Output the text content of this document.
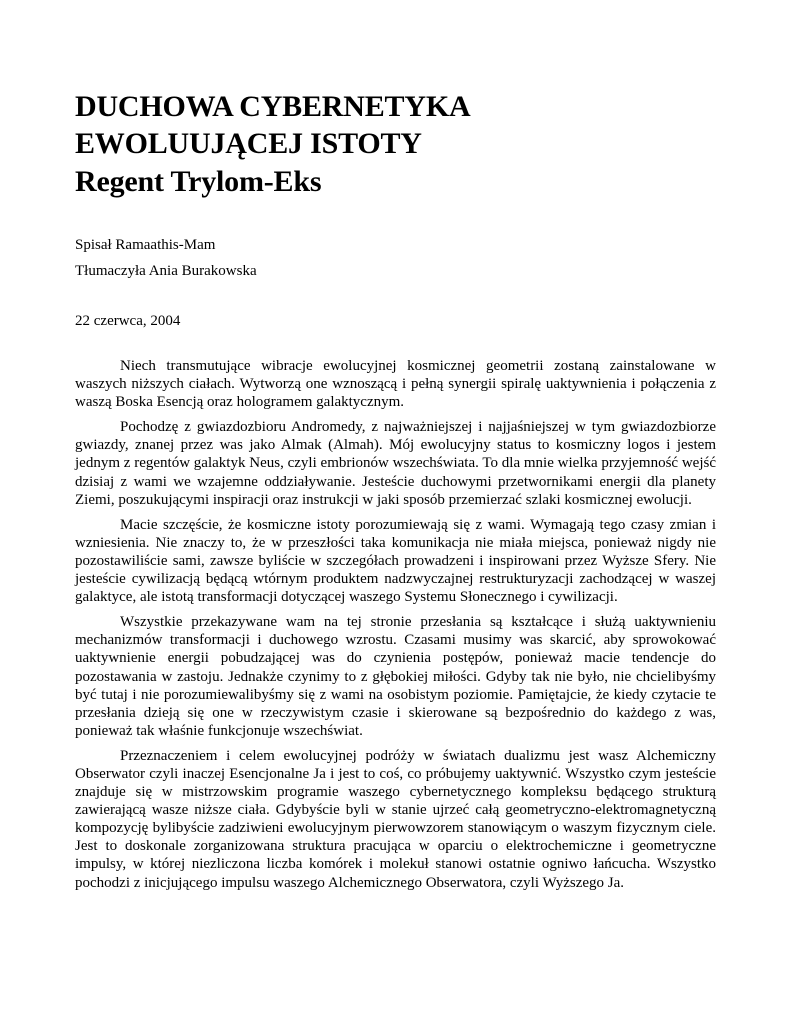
DUCHOWA CYBERNETYKA
EWOLUUJĄCEJ ISTOTY
Regent Trylom-Eks

Spisał Ramaathis-Mam

Tłumaczyła Ania Burakowska

22 czerwca, 2004

Niech transmutujące wibracje ewolucyjnej kosmicznej geometrii zostaną zainstalowane w waszych niższych ciałach. Wytworzą one wznoszącą i pełną synergii spiralę uaktywnienia i połączenia z waszą Boska Esencją oraz hologramem galaktycznym.

Pochodzę z gwiazdozbioru Andromedy, z najważniejszej i najjaśniejszej w tym gwiazdozbiorze gwiazdy, znanej przez was jako Almak (Almah). Mój ewolucyjny status to kosmiczny logos i jestem jednym z regentów galaktyk Neus, czyli embrionów wszechświata. To dla mnie wielka przyjemność wejść dzisiaj z wami we wzajemne oddziaływanie. Jesteście duchowymi przetwornikami energii dla planety Ziemi, poszukującymi inspiracji oraz instrukcji w jaki sposób przemierzać szlaki kosmicznej ewolucji.

Macie szczęście, że kosmiczne istoty porozumiewają się z wami. Wymagają tego czasy zmian i wzniesienia. Nie znaczy to, że w przeszłości taka komunikacja nie miała miejsca, ponieważ nigdy nie pozostawiliście sami, zawsze byliście w szczegółach prowadzeni i inspirowani przez Wyższe Sfery. Nie jesteście cywilizacją będącą wtórnym produktem nadzwyczajnej restrukturyzacji zachodzącej w waszej galaktyce, ale istotą transformacji dotyczącej waszego Systemu Słonecznego i cywilizacji.

Wszystkie przekazywane wam na tej stronie przesłania są kształcące i służą uaktywnieniu mechanizmów transformacji i duchowego wzrostu. Czasami musimy was skarcić, aby sprowokować uaktywnienie energii pobudzającej was do czynienia postępów, ponieważ macie tendencje do pozostawania w zastoju. Jednakże czynimy to z głębokiej miłości. Gdyby tak nie było, nie chcielibyśmy być tutaj i nie porozumiewalibyśmy się z wami na osobistym poziomie. Pamiętajcie, że kiedy czytacie te przesłania dzieją się one w rzeczywistym czasie i skierowane są bezpośrednio do każdego z was, ponieważ tak właśnie funkcjonuje wszechświat.

Przeznaczeniem i celem ewolucyjnej podróży w światach dualizmu jest wasz Alchemiczny Obserwator czyli inaczej Esencjonalne Ja i jest to coś, co próbujemy uaktywnić. Wszystko czym jesteście znajduje się w mistrzowskim programie waszego cybernetycznego kompleksu będącego strukturą zawierającą wasze niższe ciała. Gdybyście byli w stanie ujrzeć całą geometryczno-elektromagnetyczną kompozycję bylibyście zadziwieni ewolucyjnym pierwowzorem stanowiącym o waszym fizycznym ciele. Jest to doskonale zorganizowana struktura pracująca w oparciu o elektrochemiczne i geometryczne impulsy, w której niezliczona liczba komórek i molekuł stanowi ostatnie ogniwo łańcucha. Wszystko pochodzi z inicjującego impulsu waszego Alchemicznego Obserwatora, czyli Wyższego Ja.
